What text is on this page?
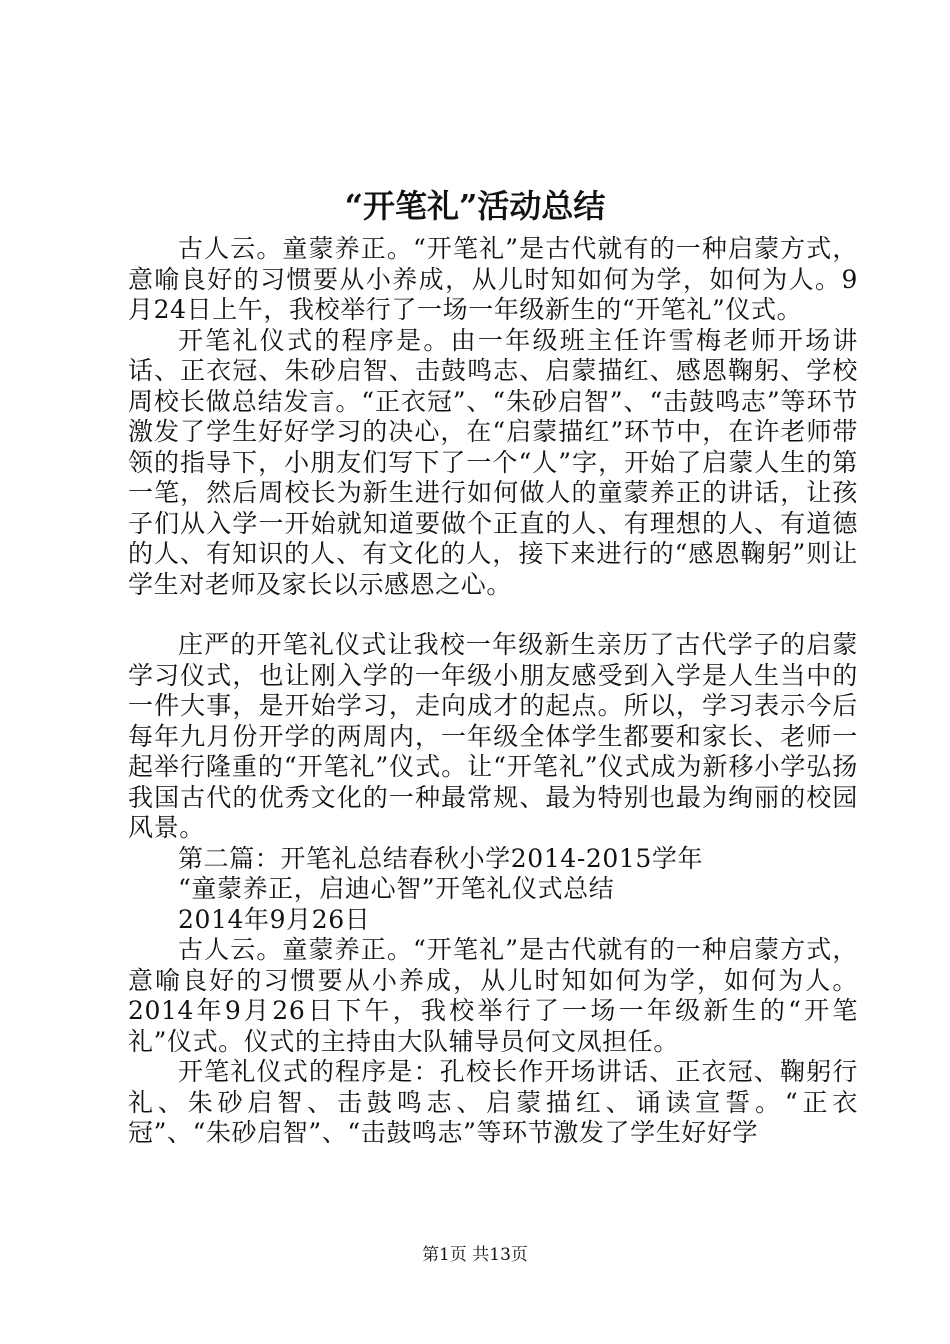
“开笔礼”活动总结

古人云。童蒙养正。“开笔礼”是古代就有的一种启蒙方式，意喻良好的习惯要从小养成，从儿时知如何为学，如何为人。9月24日上午，我校举行了一场一年级新生的“开笔礼”仪式。

开笔礼仪式的程序是。由一年级班主任许雪梅老师开场讲话、正衣冠、朱砂启智、击鼓鸣志、启蒙描红、感恩鞠躬、学校周校长做总结发言。“正衣冠”、“朱砂启智”、“击鼓鸣志”等环节激发了学生好好学习的决心，在“启蒙描红”环节中，在许老师带领的指导下，小朋友们写下了一个“人”字，开始了启蒙人生的第一笔，然后周校长为新生进行如何做人的童蒙养正的讲话，让孩子们从入学一开始就知道要做个正直的人、有理想的人、有道德的人、有知识的人、有文化的人，接下来进行的“感恩鞠躬”则让学生对老师及家长以示感恩之心。

庄严的开笔礼仪式让我校一年级新生亲历了古代学子的启蒙学习仪式，也让刚入学的一年级小朋友感受到入学是人生当中的一件大事，是开始学习，走向成才的起点。所以，学习表示今后每年九月份开学的两周内，一年级全体学生都要和家长、老师一起举行隆重的“开笔礼”仪式。让“开笔礼”仪式成为新移小学弘扬我国古代的优秀文化的一种最常规、最为特别也最为绚丽的校园风景。

第二篇：开笔礼总结春秋小学2014-2015学年

“童蒙养正，启迪心智”开笔礼仪式总结

2014年9月26日

古人云。童蒙养正。“开笔礼”是古代就有的一种启蒙方式，意喻良好的习惯要从小养成，从儿时知如何为学，如何为人。2014年9月26日下午，我校举行了一场一年级新生的“开笔礼”仪式。仪式的主持由大队辅导员何文凤担任。

开笔礼仪式的程序是：孔校长作开场讲话、正衣冠、鞠躬行礼、朱砂启智、击鼓鸣志、启蒙描红、诵读宣誓。“正衣冠”、“朱砂启智”、“击鼓鸣志”等环节激发了学生好好学

第1页 共13页
